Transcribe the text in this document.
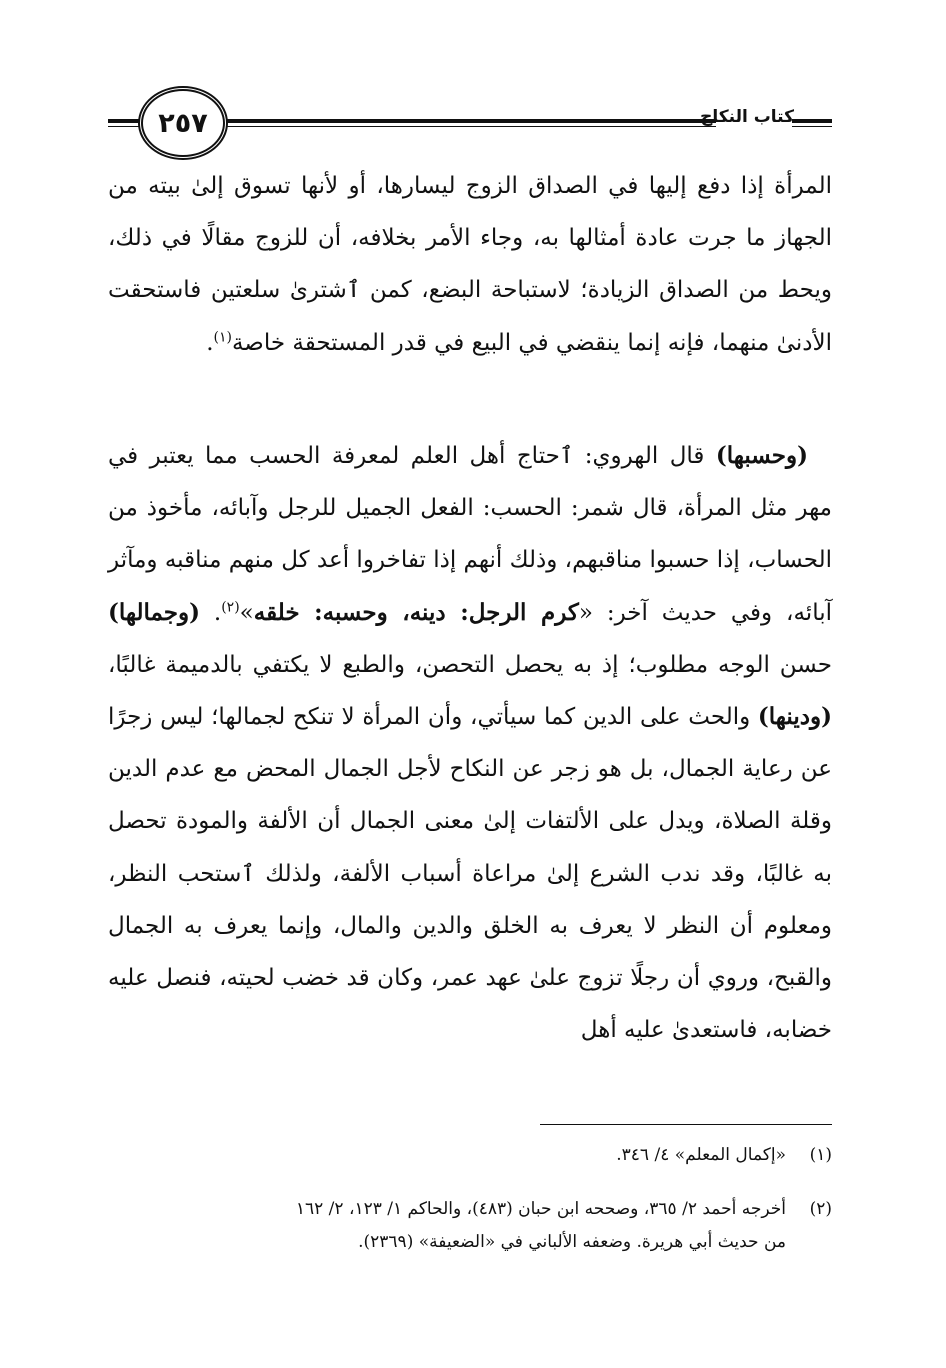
٢٥٧	كتاب النكاح

المرأة إذا دفع إليها في الصداق الزوج ليسارها، أو لأنها تسوق إلىٰ بيته من الجهاز ما جرت عادة أمثالها به، وجاء الأمر بخلافه، أن للزوج مقالًا في ذلك، ويحط من الصداق الزيادة؛ لاستباحة البضع، كمن ٱشترىٰ سلعتين فاستحقت الأدنىٰ منهما، فإنه إنما ينقضي في البيع في قدر المستحقة خاصة$^{(١)}$.

(وحسبها) قال الهروي: ٱحتاج أهل العلم لمعرفة الحسب مما يعتبر في مهر مثل المرأة، قال شمر: الحسب: الفعل الجميل للرجل وآبائه، مأخوذ من الحساب، إذا حسبوا مناقبهم، وذلك أنهم إذا تفاخروا أعد كل منهم مناقبه ومآثر آبائه، وفي حديث آخر: «كرم الرجل: دينه، وحسبه: خلقه»$^{(٢)}$. (وجمالها) حسن الوجه مطلوب؛ إذ به يحصل التحصن، والطبع لا يكتفي بالدميمة غالبًا، (ودينها) والحث على الدين كما سيأتي، وأن المرأة لا تنكح لجمالها؛ ليس زجرًا عن رعاية الجمال، بل هو زجر عن النكاح لأجل الجمال المحض مع عدم الدين وقلة الصلاة، ويدل على الألتفات إلىٰ معنى الجمال أن الألفة والمودة تحصل به غالبًا، وقد ندب الشرع إلىٰ مراعاة أسباب الألفة، ولذلك ٱستحب النظر، ومعلوم أن النظر لا يعرف به الخلق والدين والمال، وإنما يعرف به الجمال والقبح، وروي أن رجلًا تزوج علىٰ عهد عمر، وكان قد خضب لحيته، فنصل عليه خضابه، فاستعدىٰ عليه أهل

(١)«إكمال المعلم» ٤/ ٣٤٦.

(٢)أخرجه أحمد ٢/ ٣٦٥، وصححه ابن حبان (٤٨٣)، والحاكم ١/ ١٢٣، ٢/ ١٦٢
من حديث أبي هريرة. وضعفه الألباني في «الضعيفة» (٢٣٦٩).
